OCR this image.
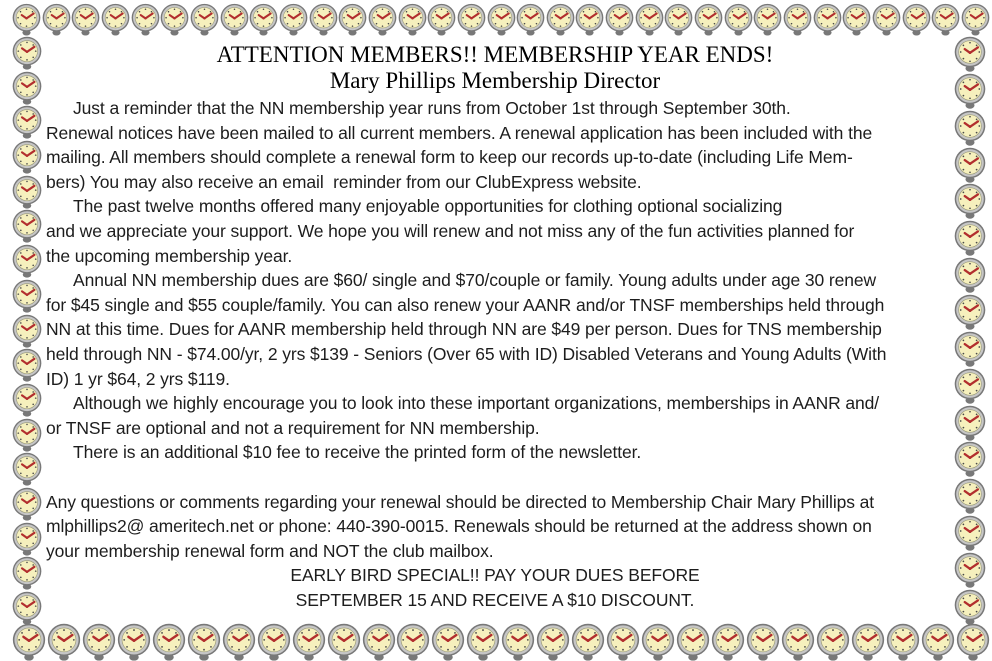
ATTENTION MEMBERS!! MEMBERSHIP YEAR ENDS!
Mary Phillips Membership Director
Just a reminder that the NN membership year runs from October 1st through September 30th.
Renewal notices have been mailed to all current members. A renewal application has been included with the
mailing. All members should complete a renewal form to keep our records up-to-date (including Life Mem-
bers) You may also receive an email  reminder from our ClubExpress website.
The past twelve months offered many enjoyable opportunities for clothing optional socializing
and we appreciate your support. We hope you will renew and not miss any of the fun activities planned for
the upcoming membership year.
Annual NN membership dues are $60/ single and $70/couple or family. Young adults under age 30 renew
for $45 single and $55 couple/family. You can also renew your AANR and/or TNSF memberships held through
NN at this time. Dues for AANR membership held through NN are $49 per person. Dues for TNS membership
held through NN - $74.00/yr, 2 yrs $139 - Seniors (Over 65 with ID) Disabled Veterans and Young Adults (With
ID) 1 yr $64, 2 yrs $119.
Although we highly encourage you to look into these important organizations, memberships in AANR and/
or TNSF are optional and not a requirement for NN membership.
There is an additional $10 fee to receive the printed form of the newsletter.
Any questions or comments regarding your renewal should be directed to Membership Chair Mary Phillips at
mlphillips2@ ameritech.net or phone: 440-390-0015. Renewals should be returned at the address shown on
your membership renewal form and NOT the club mailbox.
EARLY BIRD SPECIAL!! PAY YOUR DUES BEFORE
SEPTEMBER 15 AND RECEIVE A $10 DISCOUNT.
